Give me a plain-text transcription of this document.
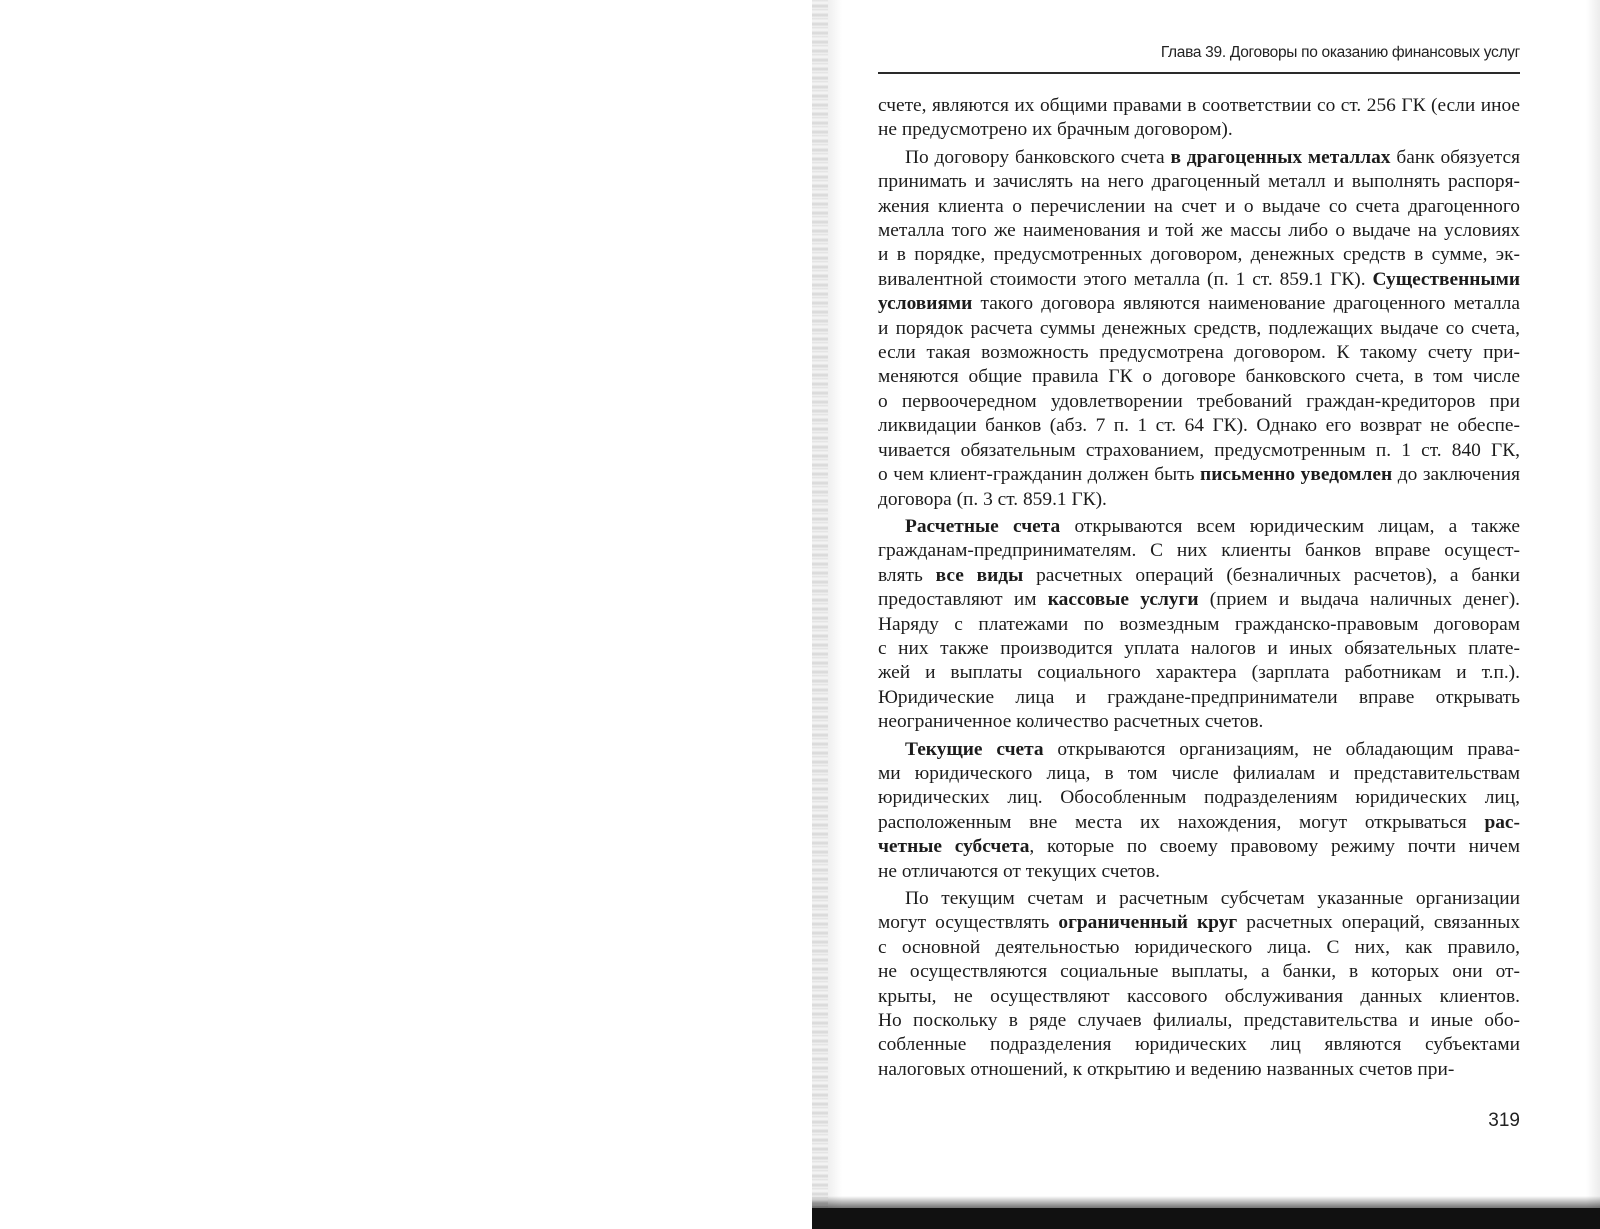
Глава 39. Договоры по оказанию финансовых услуг
счете, являются их общими правами в соответствии со ст. 256 ГК (если иное
не предусмотрено их брачным договором).
По договору банковского счета в драгоценных металлах банк обязуется
принимать и зачислять на него драгоценный металл и выполнять распоря-
жения клиента о перечислении на счет и о выдаче со счета драгоценного
металла того же наименования и той же массы либо о выдаче на условиях
и в порядке, предусмотренных договором, денежных средств в сумме, эк-
вивалентной стоимости этого металла (п. 1 ст. 859.1 ГК). Существенными
условиями такого договора являются наименование драгоценного металла
и порядок расчета суммы денежных средств, подлежащих выдаче со счета,
если такая возможность предусмотрена договором. К такому счету при-
меняются общие правила ГК о договоре банковского счета, в том числе
о первоочередном удовлетворении требований граждан-кредиторов при
ликвидации банков (абз. 7 п. 1 ст. 64 ГК). Однако его возврат не обеспе-
чивается обязательным страхованием, предусмотренным п. 1 ст. 840 ГК,
о чем клиент-гражданин должен быть письменно уведомлен до заключения
договора (п. 3 ст. 859.1 ГК).
Расчетные счета открываются всем юридическим лицам, а также
гражданам-предпринимателям. С них клиенты банков вправе осущест-
влять все виды расчетных операций (безналичных расчетов), а банки
предоставляют им кассовые услуги (прием и выдача наличных денег).
Наряду с платежами по возмездным гражданско-правовым договорам
с них также производится уплата налогов и иных обязательных плате-
жей и выплаты социального характера (зарплата работникам и т.п.).
Юридические лица и граждане-предприниматели вправе открывать
неограниченное количество расчетных счетов.
Текущие счета открываются организациям, не обладающим права-
ми юридического лица, в том числе филиалам и представительствам
юридических лиц. Обособленным подразделениям юридических лиц,
расположенным вне места их нахождения, могут открываться рас-
четные субсчета, которые по своему правовому режиму почти ничем
не отличаются от текущих счетов.
По текущим счетам и расчетным субсчетам указанные организации
могут осуществлять ограниченный круг расчетных операций, связанных
с основной деятельностью юридического лица. С них, как правило,
не осуществляются социальные выплаты, а банки, в которых они от-
крыты, не осуществляют кассового обслуживания данных клиентов.
Но поскольку в ряде случаев филиалы, представительства и иные обо-
собленные подразделения юридических лиц являются субъектами
налоговых отношений, к открытию и ведению названных счетов при-
319
